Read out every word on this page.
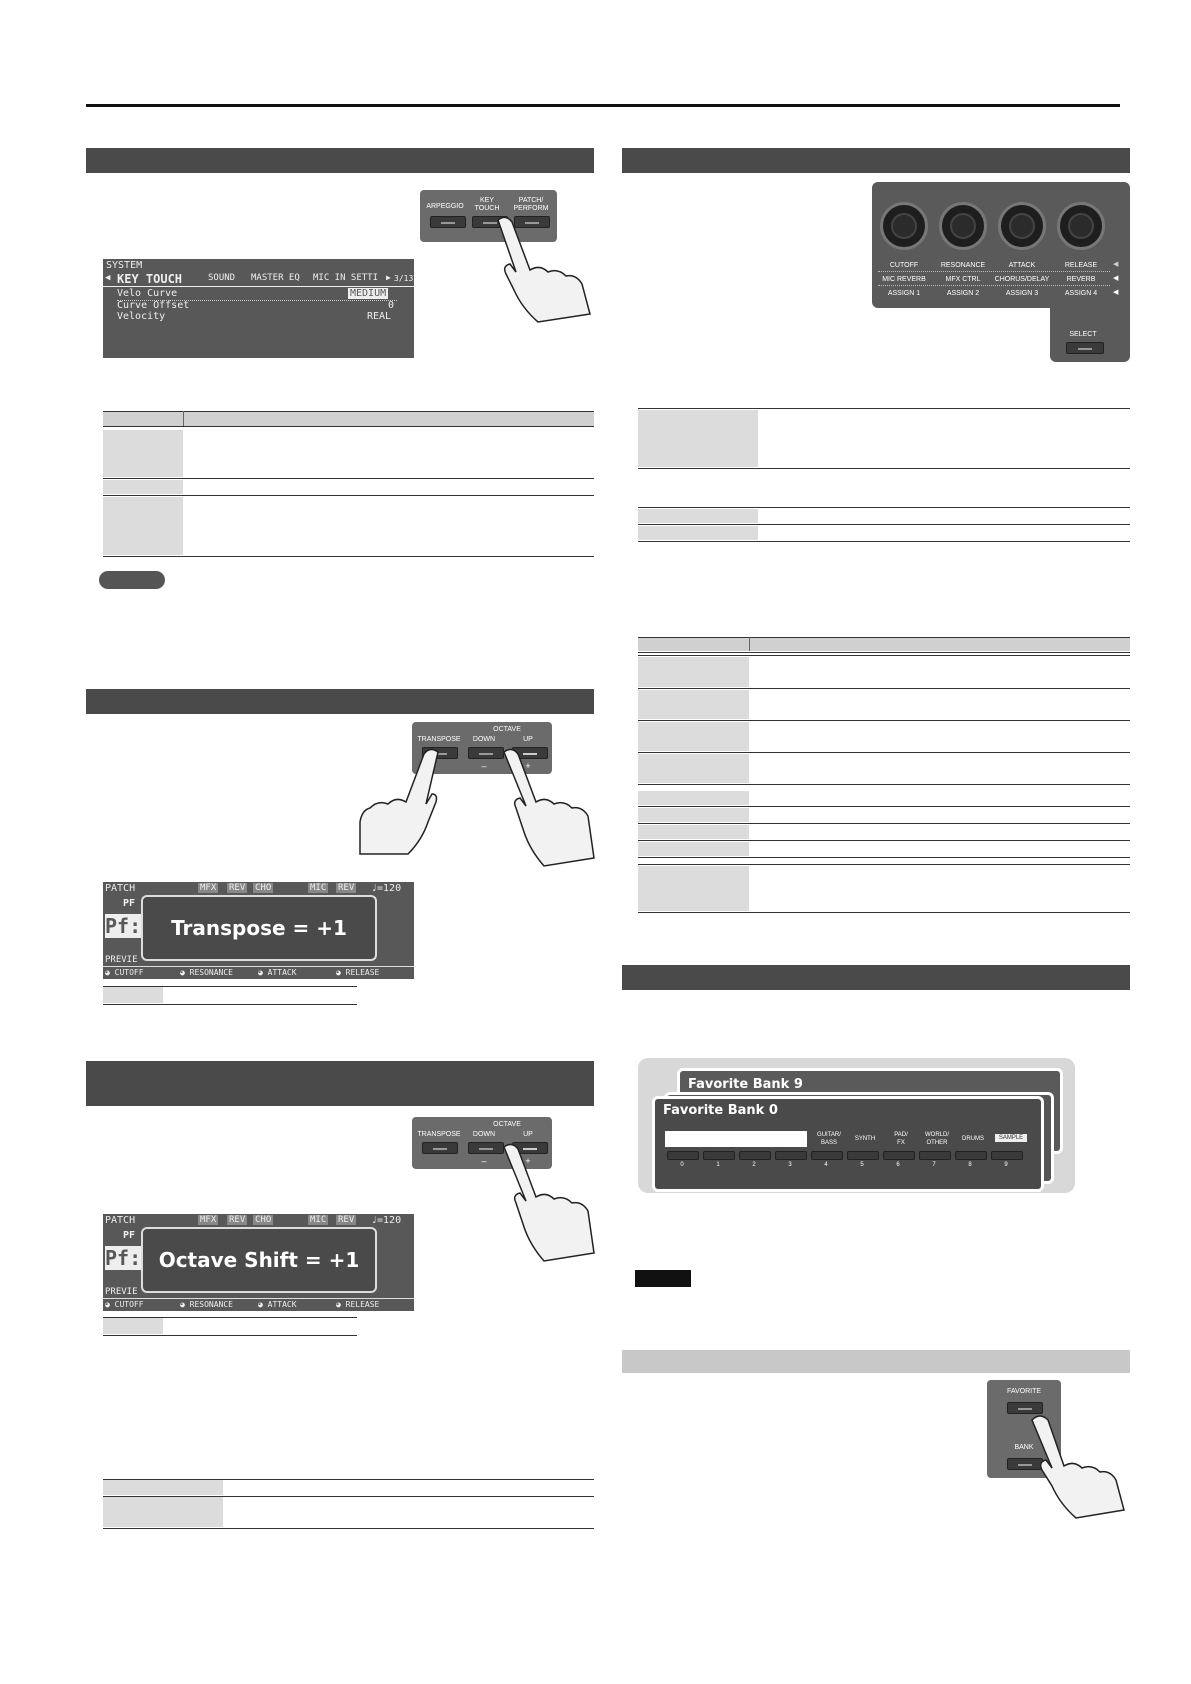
ARPEGGIO
KEY
TOUCH
PATCH/
PERFORM
SYSTEM
◀ KEY TOUCH	SOUND MASTER EQ MIC IN SETTI ▶ 3/13
Velo Curve	MEDIUM
Curve Offset	0
Velocity	REAL
OCTAVE
TRANSPOSE	DOWN	UP
–	+
PATCH	MFX REV CHO	MIC REV ♩=120
PF
Pf:
PREVIE
Transpose = +1
◕ CUTOFF	◕ RESONANCE	◕ ATTACK	◕ RELEASE
OCTAVE
TRANSPOSE	DOWN	UP
–	+
PATCH	MFX REV CHO	MIC REV ♩=120
PF
Pf:
PREVIE
Octave Shift = +1
◕ CUTOFF	◕ RESONANCE	◕ ATTACK	◕ RELEASE
CUTOFF	RESONANCE	ATTACK	RELEASE
MIC REVERB	MFX CTRL	CHORUS/DELAY	REVERB
ASSIGN 1	ASSIGN 2	ASSIGN 3	ASSIGN 4
◀
◀
◀
SELECT
Favorite Bank 9
Favorite Bank 0
GUITAR/
BASS
SYNTH
PAD/
FX
WORLD/
OTHER
DRUMS	SAMPLE
0	1	2	3	4	5	6	7	8	9
FAVORITE
BANK
